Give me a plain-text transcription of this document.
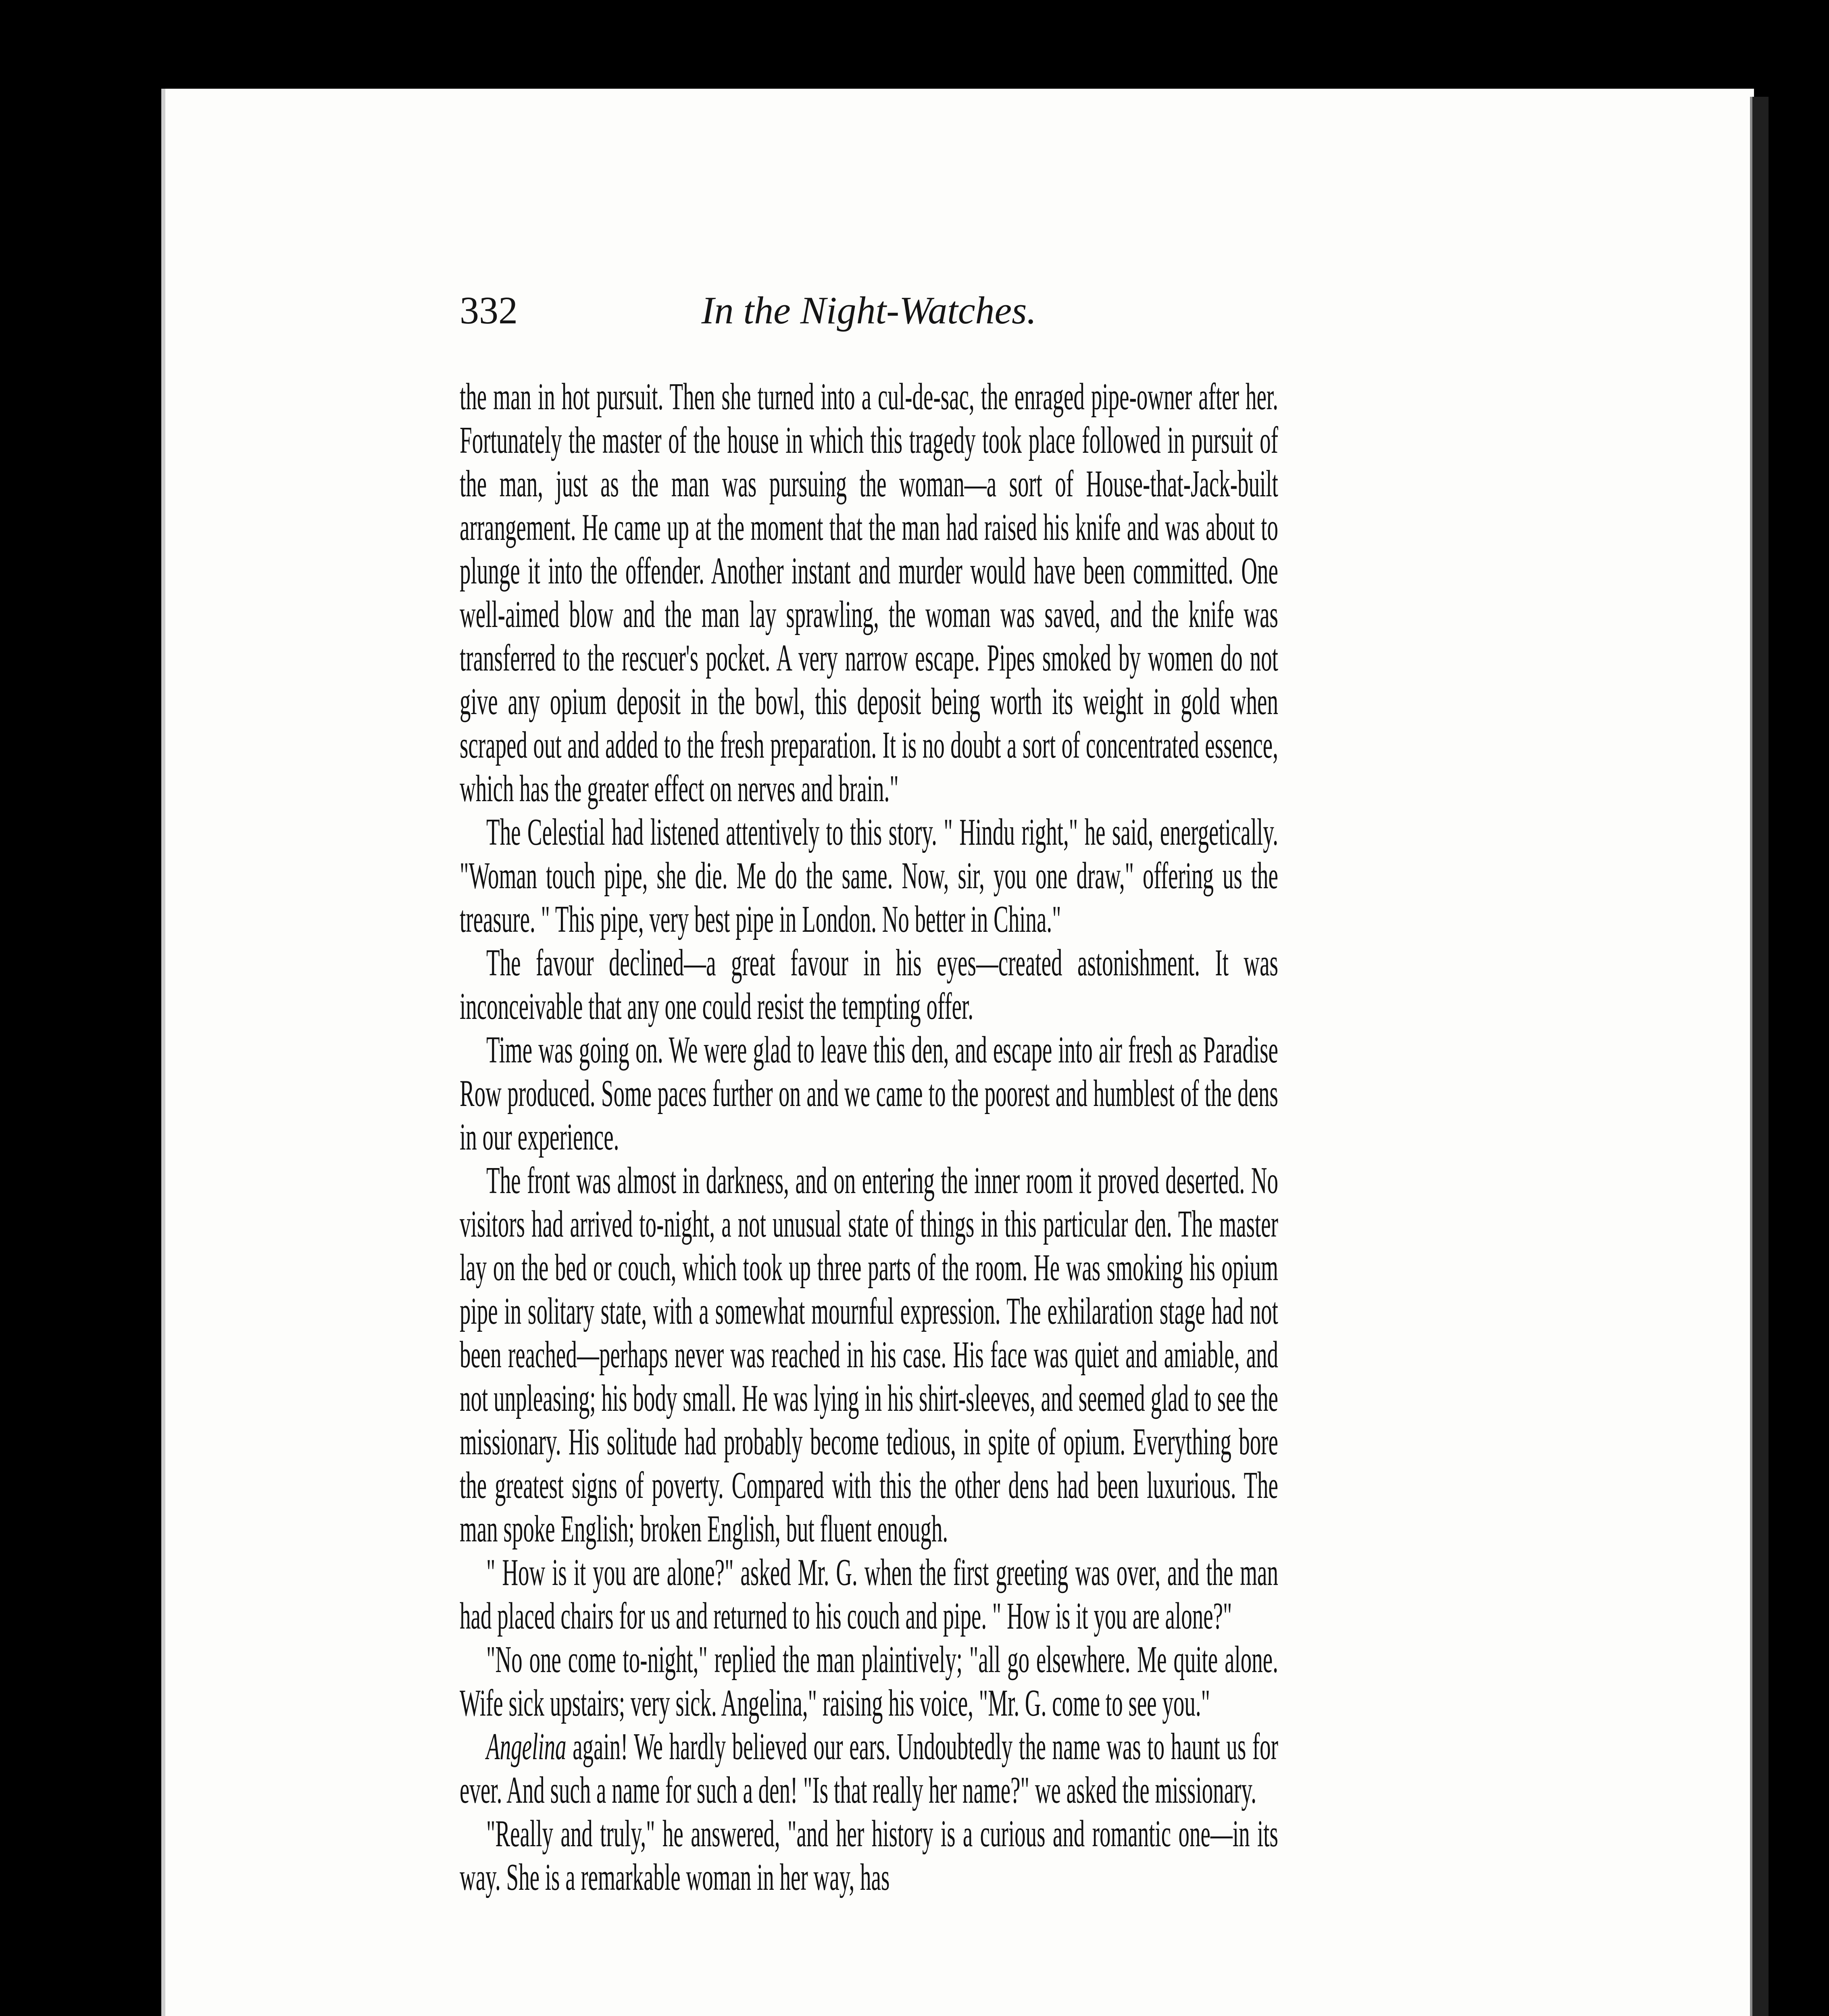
332	In the Night-Watches.

the man in hot pursuit. Then she turned into a cul-de-sac, the enraged pipe-owner after her. Fortunately the master of the house in which this tragedy took place followed in pursuit of the man, just as the man was pursuing the woman—a sort of House-that-Jack-built arrangement. He came up at the moment that the man had raised his knife and was about to plunge it into the offender. Another instant and murder would have been committed. One well-aimed blow and the man lay sprawling, the woman was saved, and the knife was transferred to the rescuer's pocket. A very narrow escape. Pipes smoked by women do not give any opium deposit in the bowl, this deposit being worth its weight in gold when scraped out and added to the fresh preparation. It is no doubt a sort of concentrated essence, which has the greater effect on nerves and brain."

The Celestial had listened attentively to this story. " Hindu right," he said, energetically. "Woman touch pipe, she die. Me do the same. Now, sir, you one draw," offering us the treasure. " This pipe, very best pipe in London. No better in China."

The favour declined—a great favour in his eyes—created astonishment. It was inconceivable that any one could resist the tempting offer.

Time was going on. We were glad to leave this den, and escape into air fresh as Paradise Row produced. Some paces further on and we came to the poorest and humblest of the dens in our experience.

The front was almost in darkness, and on entering the inner room it proved deserted. No visitors had arrived to-night, a not unusual state of things in this particular den. The master lay on the bed or couch, which took up three parts of the room. He was smoking his opium pipe in solitary state, with a somewhat mournful expression. The exhilaration stage had not been reached—perhaps never was reached in his case. His face was quiet and amiable, and not unpleasing; his body small. He was lying in his shirt-sleeves, and seemed glad to see the missionary. His solitude had probably become tedious, in spite of opium. Everything bore the greatest signs of poverty. Compared with this the other dens had been luxurious. The man spoke English; broken English, but fluent enough.

" How is it you are alone?" asked Mr. G. when the first greeting was over, and the man had placed chairs for us and returned to his couch and pipe. " How is it you are alone?"

"No one come to-night," replied the man plaintively; "all go elsewhere. Me quite alone. Wife sick upstairs; very sick. Angelina," raising his voice, "Mr. G. come to see you."

Angelina again! We hardly believed our ears. Undoubtedly the name was to haunt us for ever. And such a name for such a den! "Is that really her name?" we asked the missionary.

"Really and truly," he answered, "and her history is a curious and romantic one—in its way. She is a remarkable woman in her way, has
